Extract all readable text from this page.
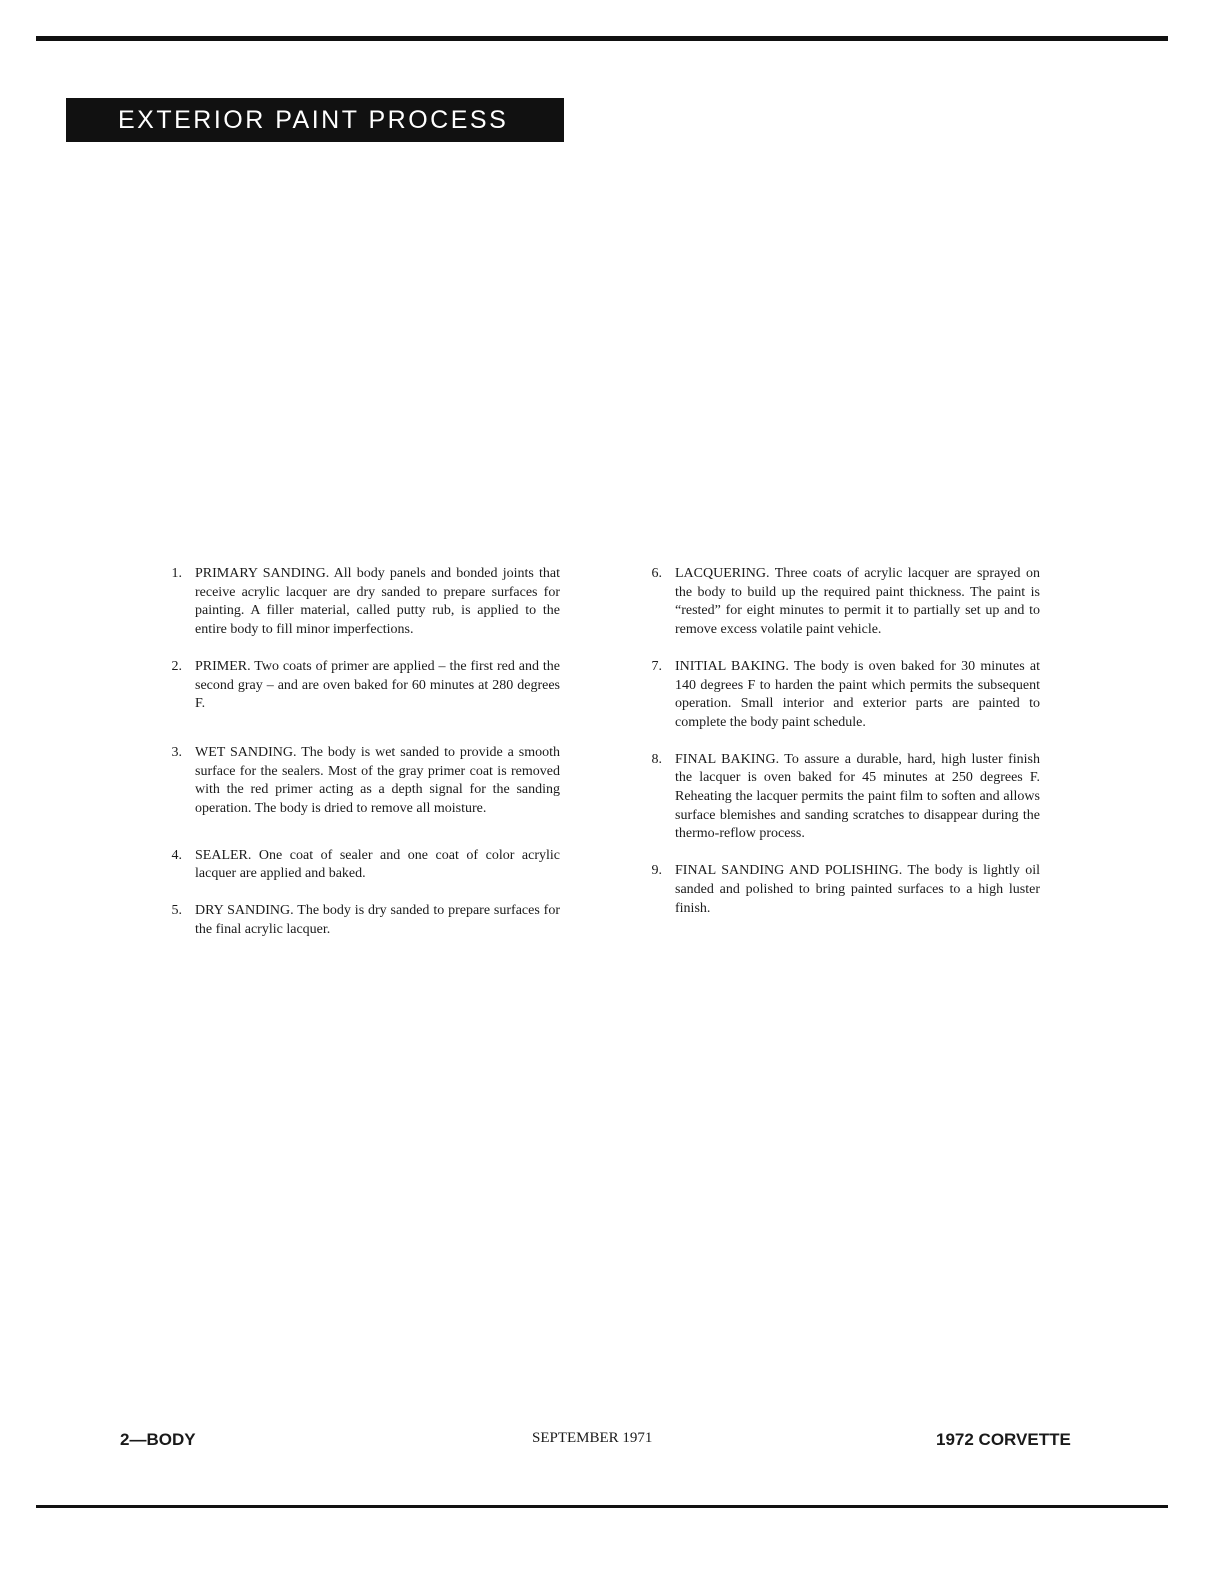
EXTERIOR PAINT PROCESS
1. PRIMARY SANDING. All body panels and bonded joints that receive acrylic lacquer are dry sanded to prepare surfaces for painting. A filler material, called putty rub, is applied to the entire body to fill minor imperfections.
2. PRIMER. Two coats of primer are applied – the first red and the second gray – and are oven baked for 60 minutes at 280 degrees F.
3. WET SANDING. The body is wet sanded to provide a smooth surface for the sealers. Most of the gray primer coat is removed with the red primer acting as a depth signal for the sanding operation. The body is dried to remove all moisture.
4. SEALER. One coat of sealer and one coat of color acrylic lacquer are applied and baked.
5. DRY SANDING. The body is dry sanded to prepare surfaces for the final acrylic lacquer.
6. LACQUERING. Three coats of acrylic lacquer are sprayed on the body to build up the required paint thickness. The paint is “rested” for eight minutes to permit it to partially set up and to remove excess volatile paint vehicle.
7. INITIAL BAKING. The body is oven baked for 30 minutes at 140 degrees F to harden the paint which permits the subsequent operation. Small interior and exterior parts are painted to complete the body paint schedule.
8. FINAL BAKING. To assure a durable, hard, high luster finish the lacquer is oven baked for 45 minutes at 250 degrees F. Reheating the lacquer permits the paint film to soften and allows surface blemishes and sanding scratches to disappear during the thermo-reflow process.
9. FINAL SANDING AND POLISHING. The body is lightly oil sanded and polished to bring painted surfaces to a high luster finish.
2—BODY	SEPTEMBER 1971	1972 CORVETTE
